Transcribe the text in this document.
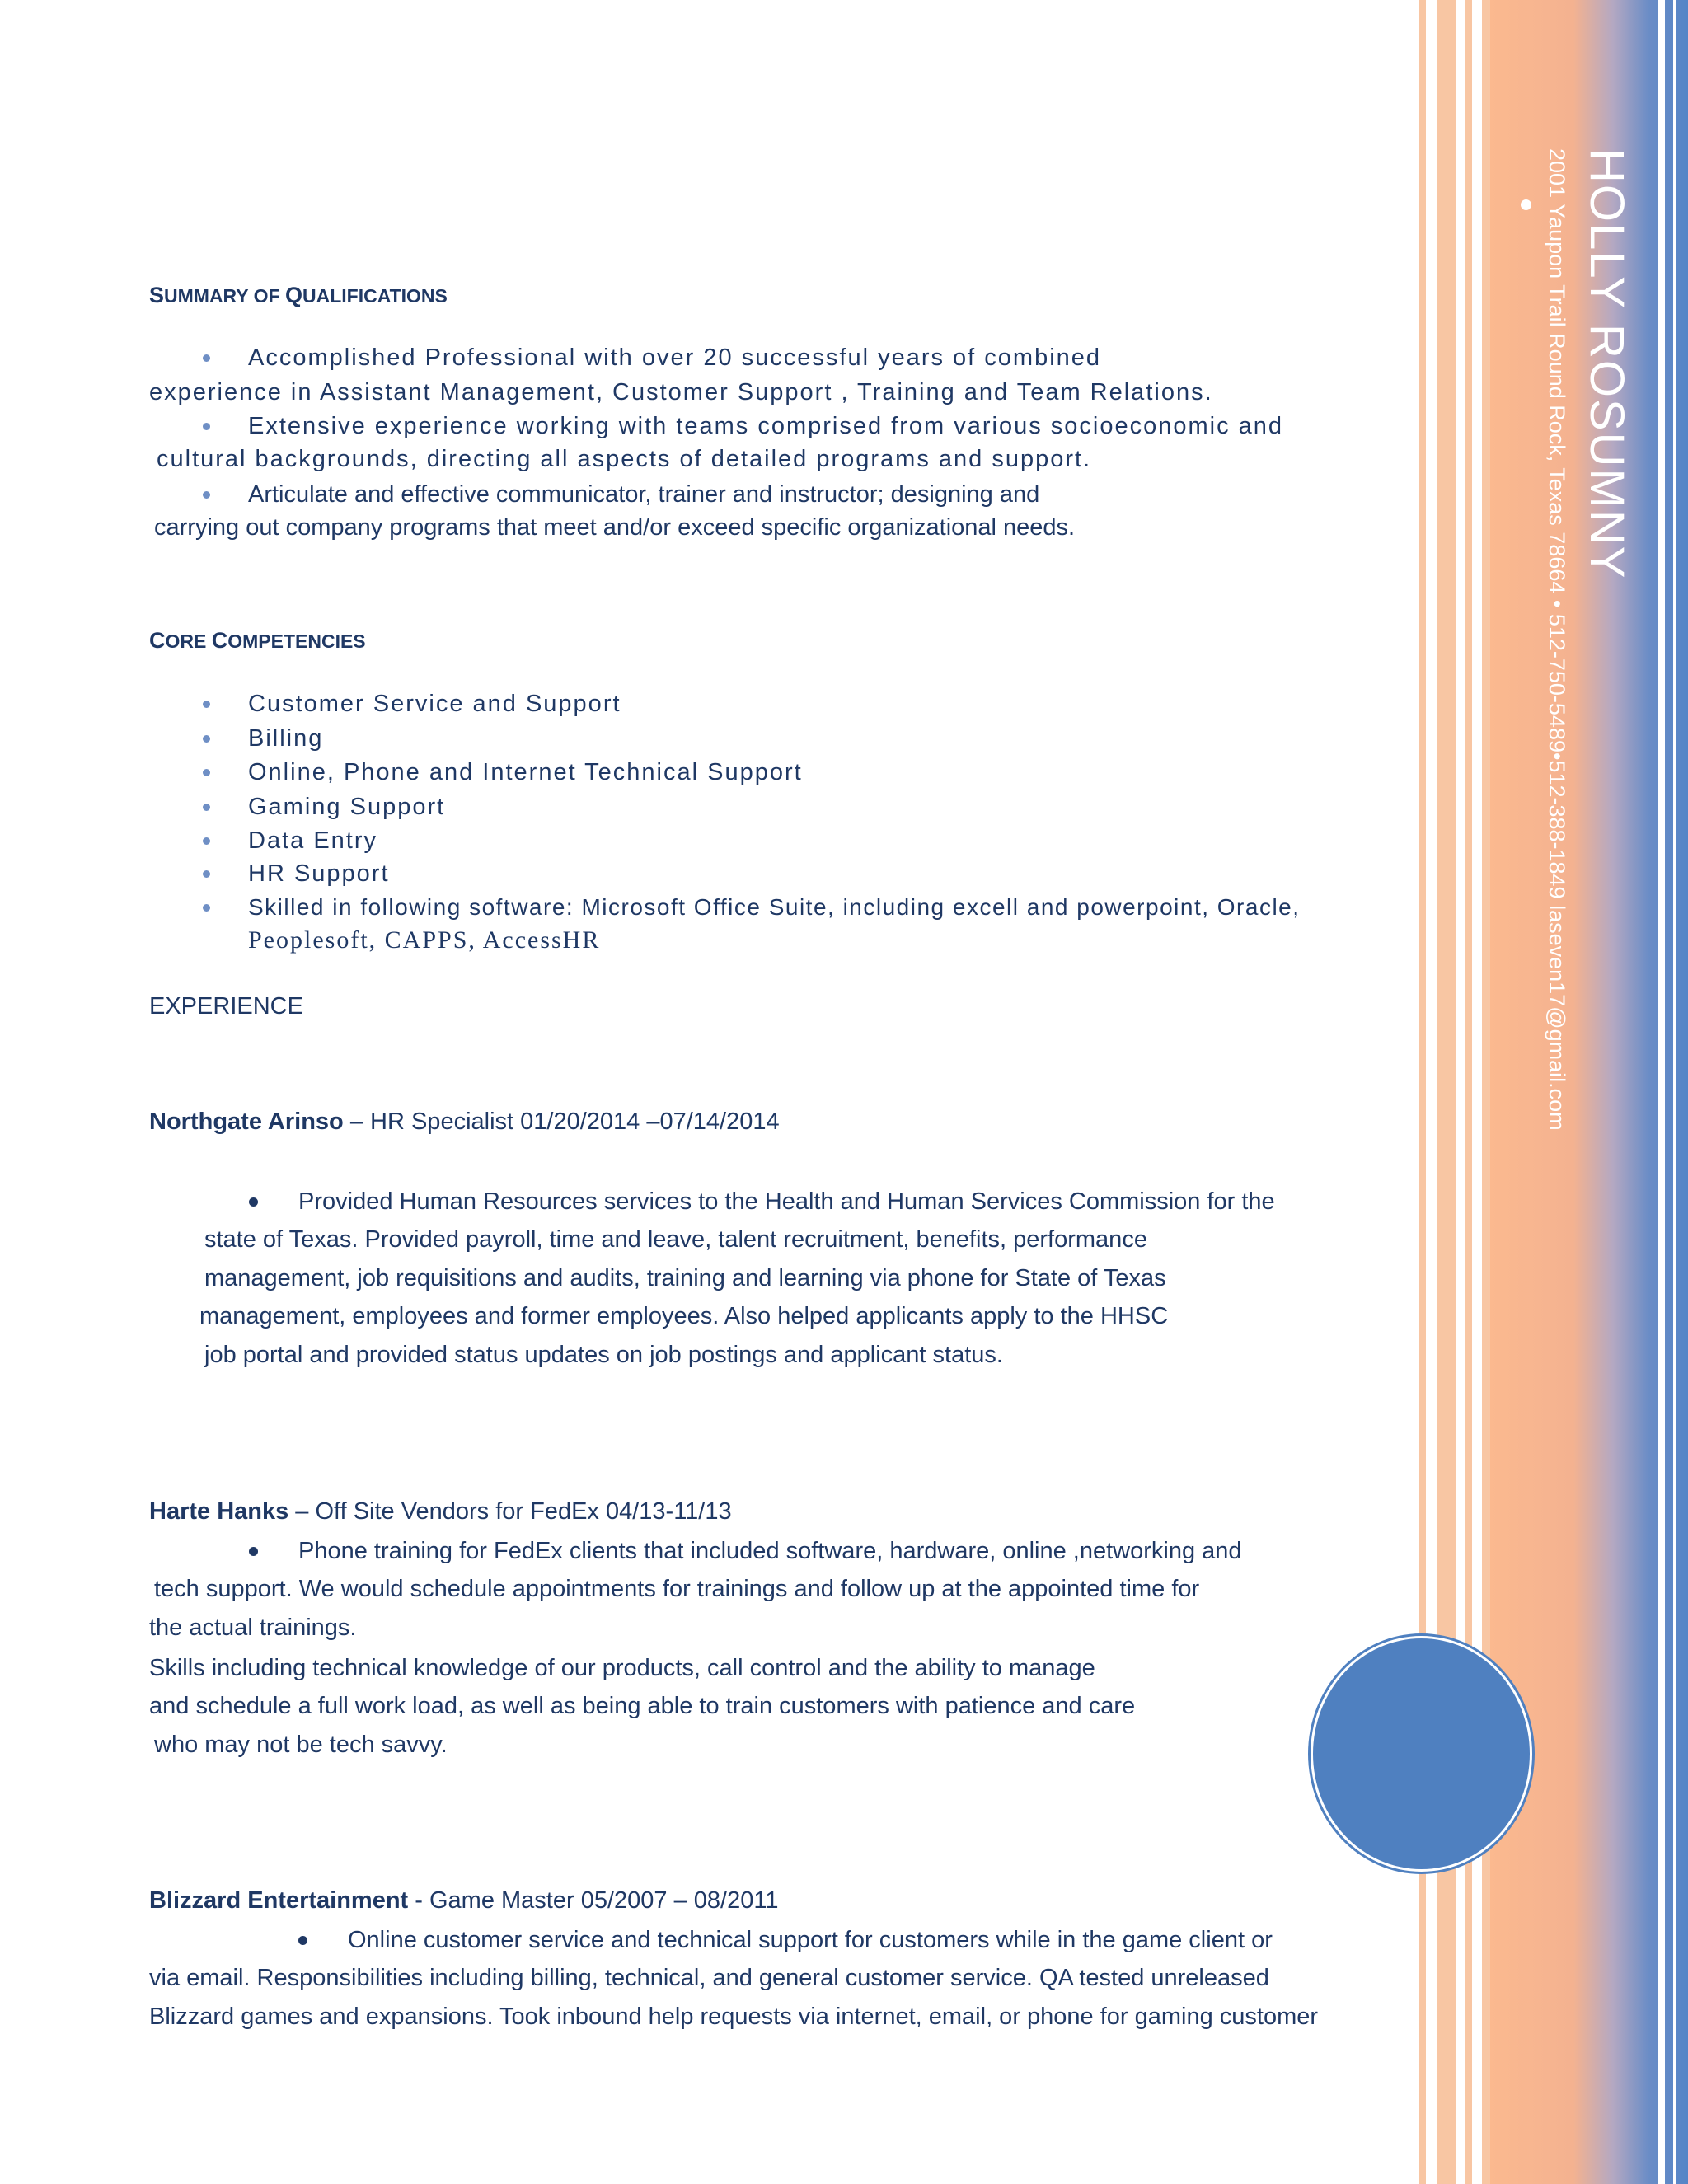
HOLLY ROSUMNY
2001 Yaupon Trail Round Rock, Texas 78664 • 512-750-5489•512-388-1849 laseven17@gmail.com
SUMMARY OF QUALIFICATIONS
Accomplished Professional with over 20 successful years of combined
experience in Assistant Management, Customer Support , Training and Team Relations.
Extensive experience working with teams comprised from various socioeconomic and
cultural backgrounds, directing all aspects of detailed programs and support.
Articulate and effective communicator, trainer and instructor; designing and
carrying out company programs that meet and/or exceed specific organizational needs.
CORE COMPETENCIES
Customer Service and Support
Billing
Online, Phone and Internet Technical Support
Gaming Support
Data Entry
HR Support
Skilled in following software: Microsoft Office Suite, including excell and powerpoint, Oracle,
Peoplesoft, CAPPS, AccessHR
EXPERIENCE
Northgate Arinso – HR Specialist 01/20/2014 –07/14/2014
Provided Human Resources services to the Health and Human Services Commission for the
state of Texas. Provided payroll, time and leave, talent recruitment, benefits, performance
management, job requisitions and audits, training and learning via phone for State of Texas
management, employees and former employees. Also helped applicants apply to the HHSC
job portal and provided status updates on job postings and applicant status.
Harte Hanks – Off Site Vendors for FedEx 04/13-11/13
Phone training for FedEx clients that included software, hardware, online ,networking and
tech support. We would schedule appointments for trainings and follow up at the appointed time for
the actual trainings.
Skills including technical knowledge of our products, call control and the ability to manage
and schedule a full work load, as well as being able to train customers with patience and care
who may not be tech savvy.
Blizzard Entertainment - Game Master 05/2007 – 08/2011
Online customer service and technical support for customers while in the game client or
via email. Responsibilities including billing, technical, and general customer service. QA tested unreleased
Blizzard games and expansions. Took inbound help requests via internet, email, or phone for gaming customer
